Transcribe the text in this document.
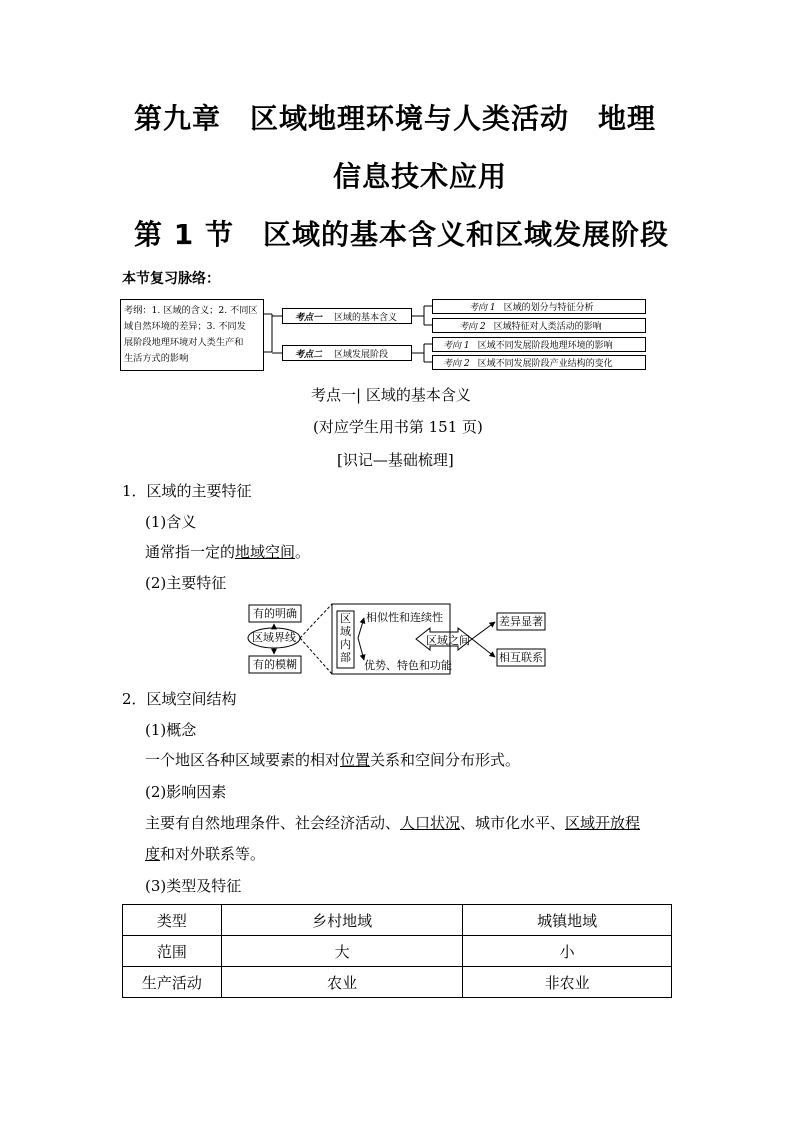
第九章　区域地理环境与人类活动　地理
信息技术应用
第 1 节　区域的基本含义和区域发展阶段
本节复习脉络：
考纲：1. 区域的含义；2. 不同区
域自然环境的差异；3. 不同发
展阶段地理环境对人类生产和
生活方式的影响
考点一 区域的基本含义
考点二 区域发展阶段
考向 1 区域的划分与特征分析
考向 2 区域特征对人类活动的影响
考向 1 区域不同发展阶段地理环境的影响
考向 2 区域不同发展阶段产业结构的变化
考点一| 区域的基本含义
(对应学生用书第 151 页)
[识记—基础梳理]
1．区域的主要特征
(1)含义
通常指一定的地域空间。
(2)主要特征
有的明确
区域界线
有的模糊
区域内部
相似性和连续性
优势、特色和功能
区域之间
差异显著
相互联系
2．区域空间结构
(1)概念
一个地区各种区域要素的相对位置关系和空间分布形式。
(2)影响因素
主要有自然地理条件、社会经济活动、人口状况、城市化水平、区域开放程
度和对外联系等。
(3)类型及特征
类型	乡村地域	城镇地域
范围	大	小
生产活动	农业	非农业
